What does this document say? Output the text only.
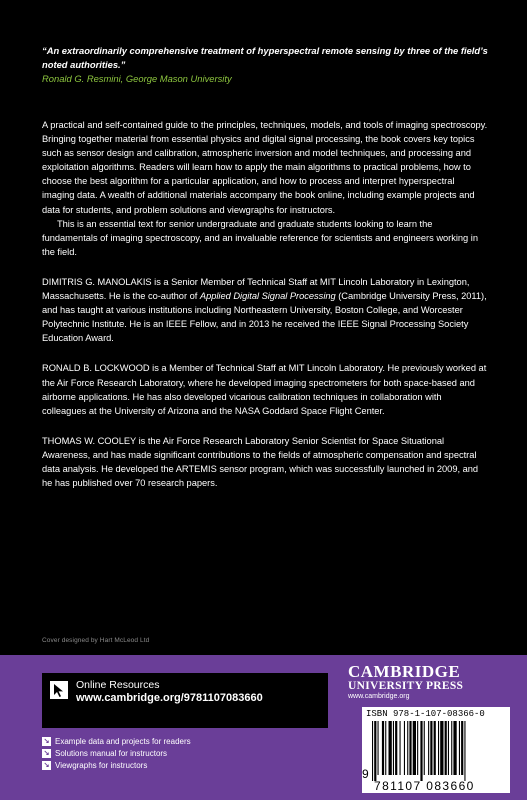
“An extraordinarily comprehensive treatment of hyperspectral remote sensing by three of the field’s noted authorities.”
Ronald G. Resmini, George Mason University

A practical and self-contained guide to the principles, techniques, models, and tools of imaging spectroscopy. Bringing together material from essential physics and digital signal processing, the book covers key topics such as sensor design and calibration, atmospheric inversion and model techniques, and processing and exploitation algorithms. Readers will learn how to apply the main algorithms to practical problems, how to choose the best algorithm for a particular application, and how to process and interpret hyperspectral imaging data. A wealth of additional materials accompany the book online, including example projects and data for students, and problem solutions and viewgraphs for instructors.

This is an essential text for senior undergraduate and graduate students looking to learn the fundamentals of imaging spectroscopy, and an invaluable reference for scientists and engineers working in the field.

DIMITRIS G. MANOLAKIS is a Senior Member of Technical Staff at MIT Lincoln Laboratory in Lexington, Massachusetts. He is the co-author of Applied Digital Signal Processing (Cambridge University Press, 2011), and has taught at various institutions including Northeastern University, Boston College, and Worcester Polytechnic Institute. He is an IEEE Fellow, and in 2013 he received the IEEE Signal Processing Society Education Award.

RONALD B. LOCKWOOD is a Member of Technical Staff at MIT Lincoln Laboratory. He previously worked at the Air Force Research Laboratory, where he developed imaging spectrometers for both space-based and airborne applications. He has also developed vicarious calibration techniques in collaboration with colleagues at the University of Arizona and the NASA Goddard Space Flight Center.

THOMAS W. COOLEY is the Air Force Research Laboratory Senior Scientist for Space Situational Awareness, and has made significant contributions to the fields of atmospheric compensation and spectral data analysis. He developed the ARTEMIS sensor program, which was successfully launched in 2009, and he has published over 70 research papers.

Cover designed by Hart McLeod Ltd
Online Resources
www.cambridge.org/9781107083660
↘ Example data and projects for readers
↘ Solutions manual for instructors
↘ Viewgraphs for instructors
CAMBRIDGE
UNIVERSITY PRESS
www.cambridge.org
ISBN 978-1-107-08366-0
9
781107 083660
